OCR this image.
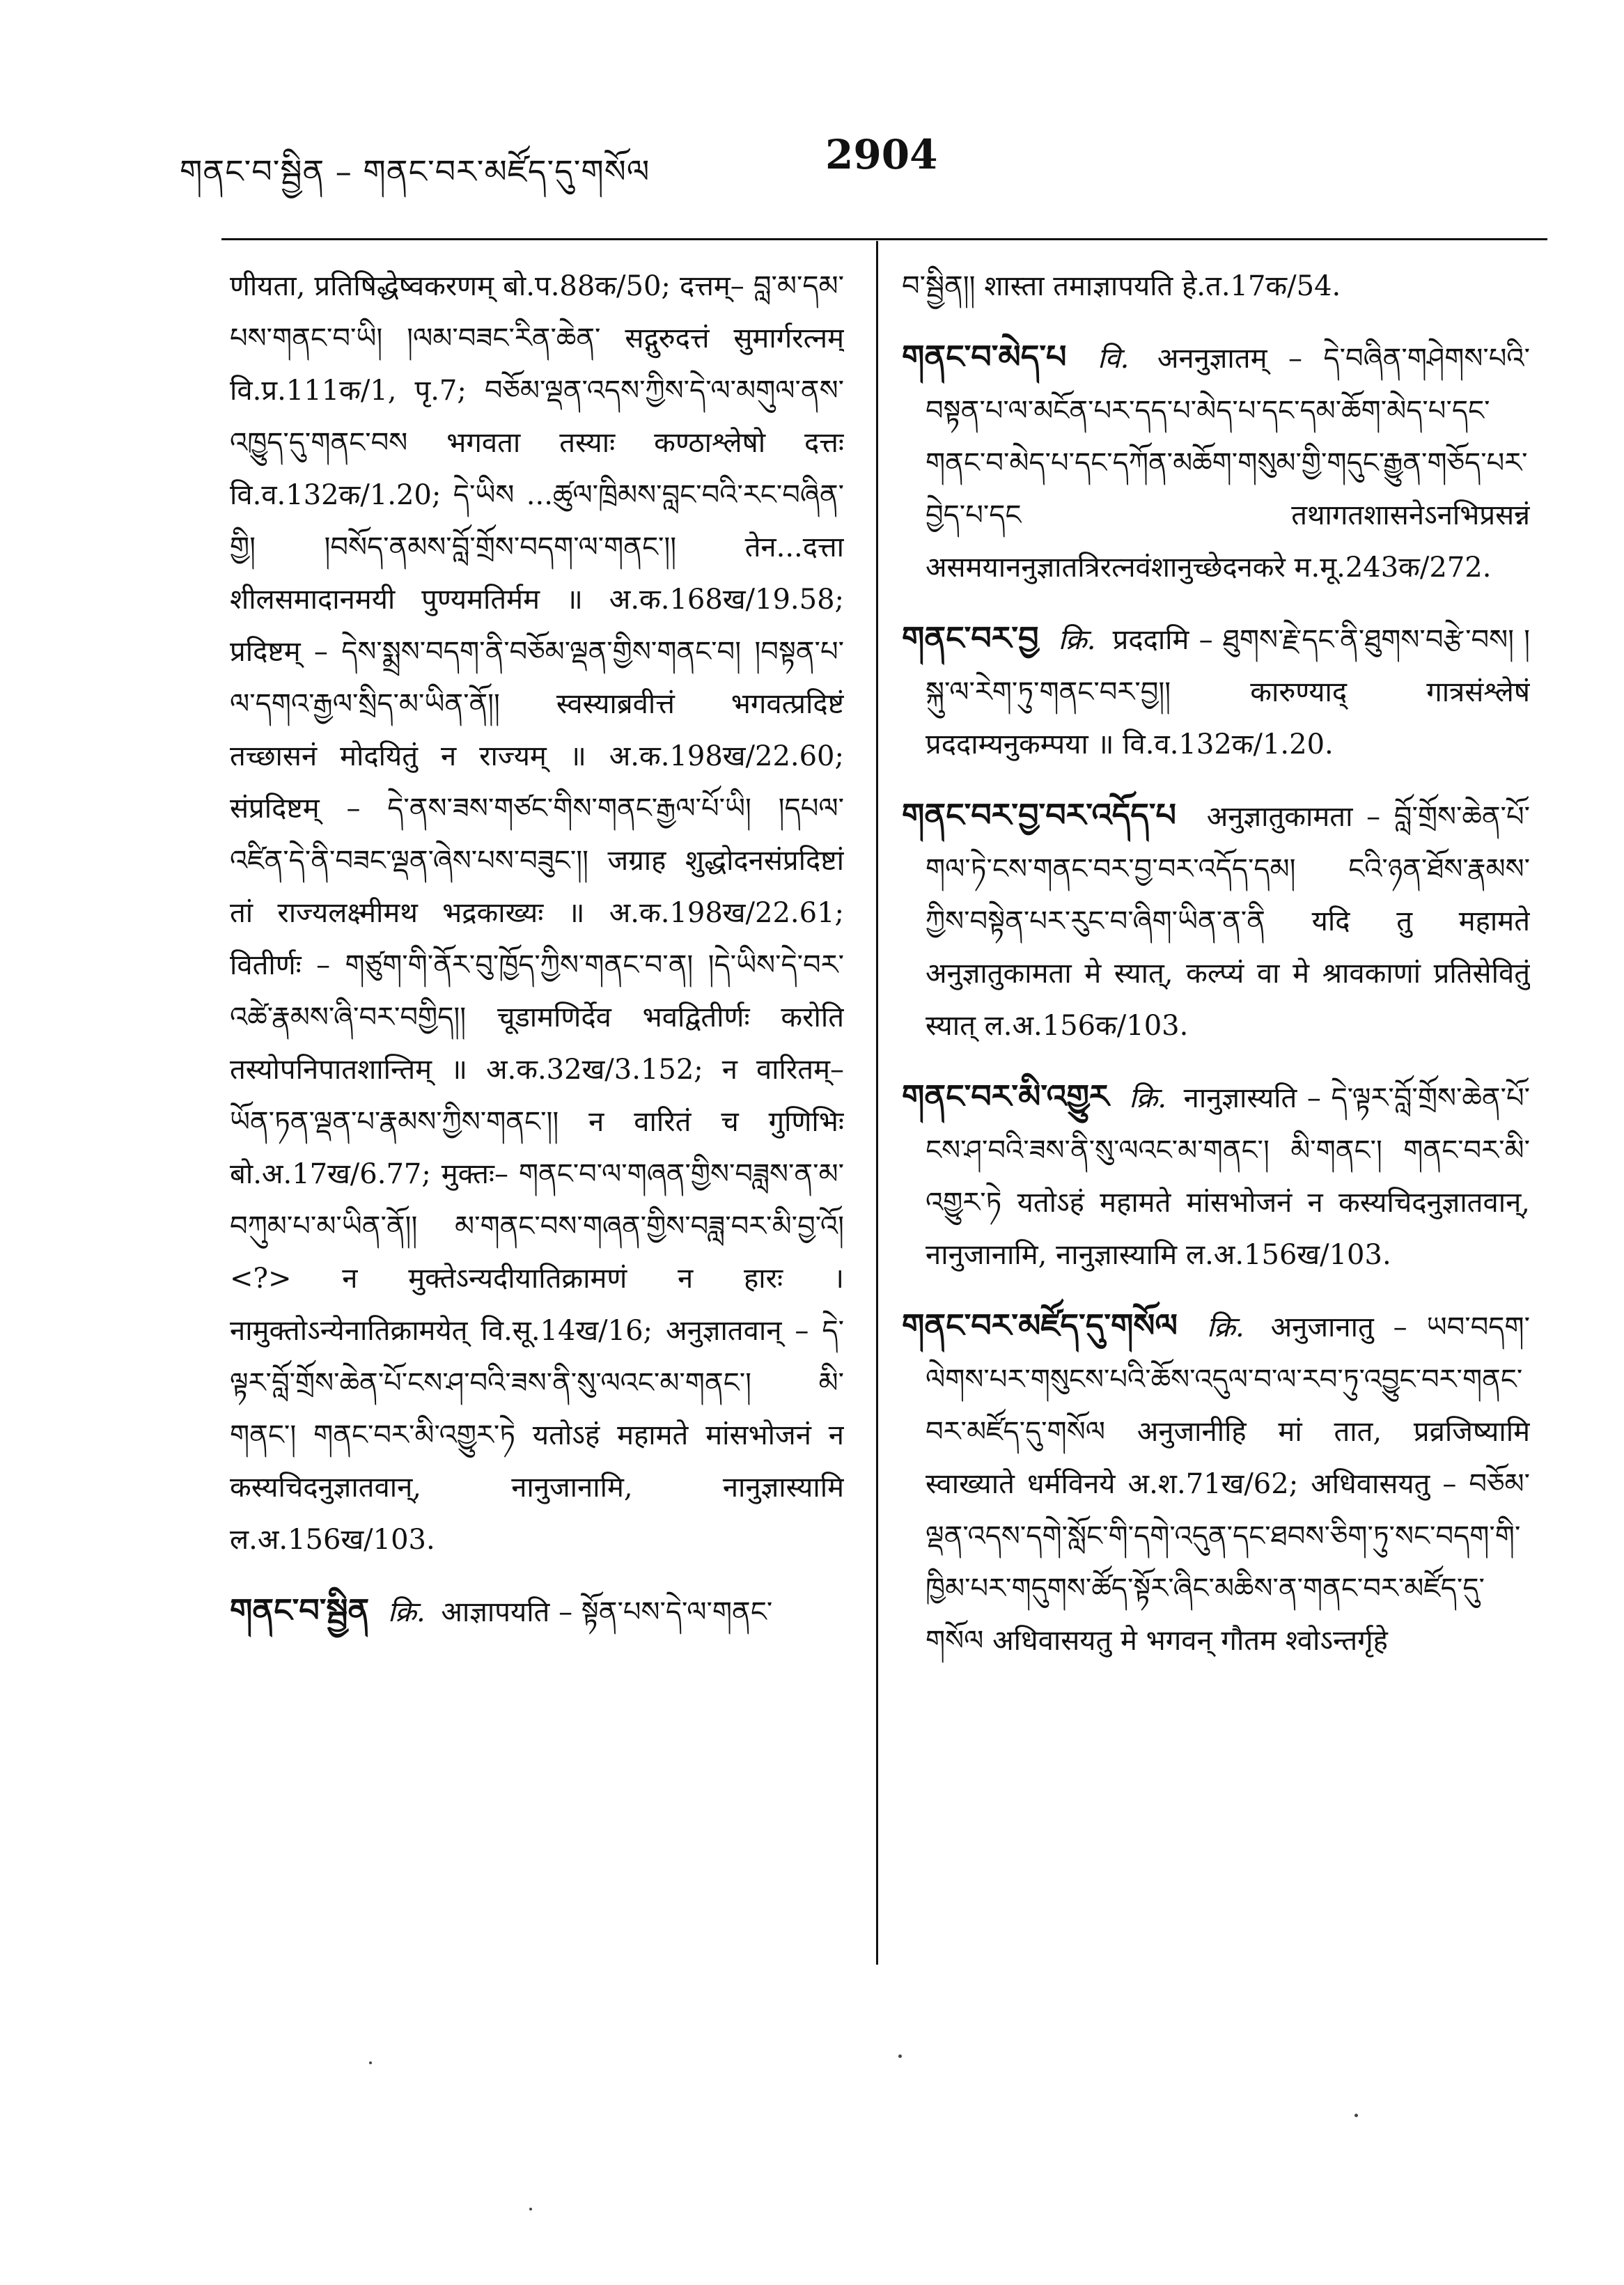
གནང་བ་སྦྱིན – གནང་བར་མཛོད་དུ་གསོལ	2904
णीयता, प्रतिषिद्धेष्वकरणम् बो.प.88क/50; दत्तम्– བླ་མ་དམ་པས་གནང་བ་ཡི། །ལམ་བཟང་རིན་ཆེན་ सद्गुरुदत्तं सुमार्गरत्नम् वि.प्र.111क/1, पृ.7; བཅོམ་ལྡན་འདས་ཀྱིས་དེ་ལ་མགུལ་ནས་འཁྱུད་དུ་གནང་བས भगवता तस्याः कण्ठाश्लेषो दत्तः वि.व.132क/1.20; དེ་ཡིས ...ཚུལ་ཁྲིམས་བླང་བའི་རང་བཞིན་གྱི། །བསོད་ནམས་བློ་གྲོས་བདག་ལ་གནང་།། तेन...दत्ता शीलसमादानमयी पुण्यमतिर्मम ॥ अ.क.168ख/19.58; प्रदिष्टम् – དེས་སྨྲས་བདག་ནི་བཅོམ་ལྡན་གྱིས་གནང་བ། །བསྟན་པ་ལ་དགའ་རྒྱལ་སྲིད་མ་ཡིན་ནོ།། स्वस्याब्रवीत्तं भगवत्प्रदिष्टं तच्छासनं मोदयितुं न राज्यम् ॥ अ.क.198ख/22.60; संप्रदिष्टम् – དེ་ནས་ཟས་གཙང་གིས་གནང་རྒྱལ་པོ་ཡི། །དཔལ་འཛིན་དེ་ནི་བཟང་ལྡན་ཞེས་པས་བཟུང་།། जग्राह शुद्धोदनसंप्रदिष्टां तां राज्यलक्ष्मीमथ भद्रकाख्यः ॥ अ.क.198ख/22.61; वितीर्णः – གཙུག་གི་ནོར་བུ་ཁྱོད་ཀྱིས་གནང་བ་ན། །དེ་ཡིས་དེ་བར་འཚེ་རྣམས་ཞི་བར་བགྱིད།། चूडामणिर्देव भवद्वितीर्णः करोति तस्योपनिपातशान्तिम् ॥ अ.क.32ख/3.152; न वारितम्– ཡོན་ཏན་ལྡན་པ་རྣམས་ཀྱིས་གནང་།། न वारितं च गुणिभिः बो.अ.17ख/6.77; मुक्तः– གནང་བ་ལ་གཞན་གྱིས་བཟླས་ན་མ་བཀུམ་པ་མ་ཡིན་ནོ།། མ་གནང་བས་གཞན་གྱིས་བཟླ་བར་མི་བྱ་འོ། <?> न मुक्तेऽन्यदीयातिक्रामणं न हारः । नामुक्तोऽन्येनातिक्रामयेत् वि.सू.14ख/16; अनुज्ञातवान् – དེ་ལྟར་བློ་གྲོས་ཆེན་པོ་ངས་ཤ་བའི་ཟས་ནི་སུ་ལའང་མ་གནང་། མི་གནང་། གནང་བར་མི་འགྱུར་ཏེ यतोऽहं महामते मांसभोजनं न कस्यचिदनुज्ञातवान्, नानुजानामि, नानुज्ञास्यामि ल.अ.156ख/103.
གནང་བ་སྦྱིན क्रि. आज्ञापयति – སྟོན་པས་དེ་ལ་གནང་
བ་སྦྱིན།། शास्ता तमाज्ञापयति हे.त.17क/54.
གནང་བ་མེད་པ वि. अननुज्ञातम् – དེ་བཞིན་གཤེགས་པའི་བསྟན་པ་ལ་མངོན་པར་དད་པ་མེད་པ་དང་དམ་ཆོག་མེད་པ་དང་གནང་བ་མེད་པ་དང་དཀོན་མཆོག་གསུམ་གྱི་གདུང་རྒྱུན་གཅོད་པར་བྱེད་པ་དང तथागतशासनेऽनभिप्रसन्नं असमयाननुज्ञातत्रिरत्नवंशानुच्छेदनकरे म.मू.243क/272.
གནང་བར་བྱ क्रि. प्रददामि – ཐུགས་རྗེ་དང་ནི་ཐུགས་བརྩེ་བས། །སྐུ་ལ་རེག་ཏུ་གནང་བར་བྱ།། कारुण्याद् गात्रसंश्लेषं प्रददाम्यनुकम्पया ॥ वि.व.132क/1.20.
གནང་བར་བྱ་བར་འདོད་པ अनुज्ञातुकामता – བློ་གྲོས་ཆེན་པོ་གལ་ཏེ་ངས་གནང་བར་བྱ་བར་འདོད་དམ། ངའི་ཉན་ཐོས་རྣམས་ཀྱིས་བསྟེན་པར་རུང་བ་ཞིག་ཡིན་ན་ནི यदि तु महामते अनुज्ञातुकामता मे स्यात्, कल्प्यं वा मे श्रावकाणां प्रतिसेवितुं स्यात् ल.अ.156क/103.
གནང་བར་མི་འགྱུར क्रि. नानुज्ञास्यति – དེ་ལྟར་བློ་གྲོས་ཆེན་པོ་ངས་ཤ་བའི་ཟས་ནི་སུ་ལའང་མ་གནང་། མི་གནང་། གནང་བར་མི་འགྱུར་ཏེ यतोऽहं महामते मांसभोजनं न कस्यचिदनुज्ञातवान्, नानुजानामि, नानुज्ञास्यामि ल.अ.156ख/103.
གནང་བར་མཛོད་དུ་གསོལ क्रि. अनुजानातु – ཡབ་བདག་ལེགས་པར་གསུངས་པའི་ཆོས་འདུལ་བ་ལ་རབ་ཏུ་འབྱུང་བར་གནང་བར་མཛོད་དུ་གསོལ अनुजानीहि मां तात, प्रव्रजिष्यामि स्वाख्याते धर्मविनये अ.श.71ख/62; अधिवासयतु – བཅོམ་ལྡན་འདས་དགེ་སློང་གི་དགེ་འདུན་དང་ཐབས་ཅིག་ཏུ་སང་བདག་གི་ཁྱིམ་པར་གདུགས་ཚོད་སྟོར་ཞིང་མཆིས་ན་གནང་བར་མཛོད་དུ་གསོལ अधिवासयतु मे भगवन् गौतम श्वोऽन्तर्गृहे
